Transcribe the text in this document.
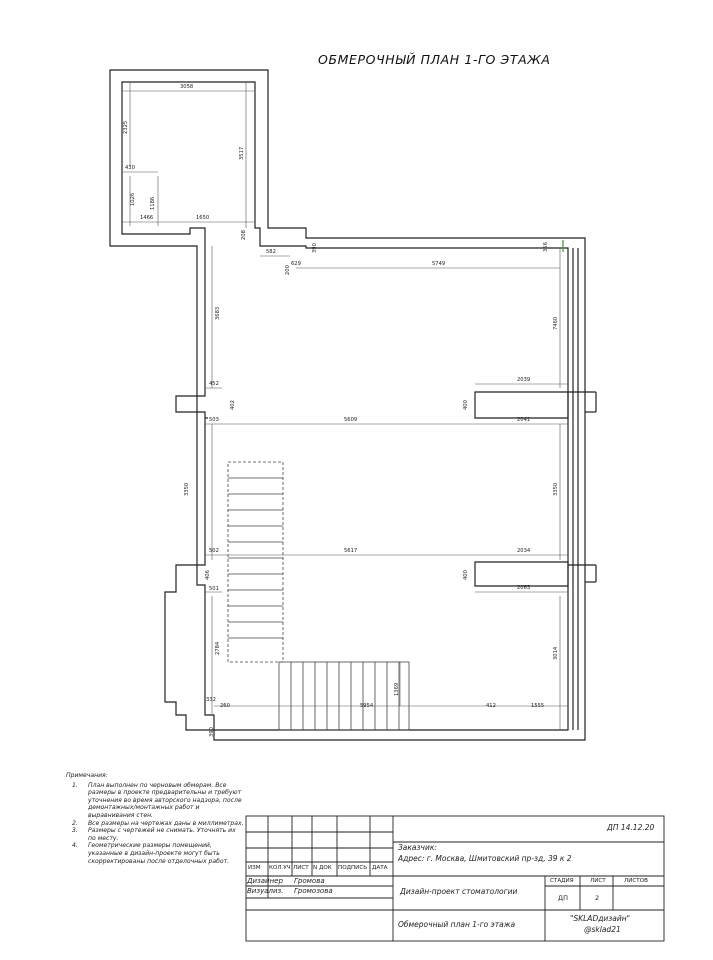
ОБМЕРОЧНЫЙ ПЛАН 1-ГО ЭТАЖА
3058
2325
3517
430
1026	1186
1466	1650
208
582
629
390	356
5749
200
7460
3683
2039
452
402	400
503	5609	2041
3350	3350
502	5617	2034
406	400
501	2063
2784	3014
1369
332
260	5954	412	1555
390
Примечания:
1.	План выполнен по черновым обмерам. Все размеры в проекте предварительны и требуют уточнения во время авторского надзора, после демонтажных/монтажных работ и выравнивания стен.
2.	Все размеры на чертежах даны в миллиметрах.
3.	Размеры с чертежей не снимать. Уточнять их по месту.
4.	Геометрические размеры помещений, указанные в дизайн-проекте могут быть скорректированы после отделочных работ.
ИЗМ КОЛ.УЧ ЛИСТ N ДОК ПОДПИСЬ ДАТА
Дизайнер Громова
Визуализ. Громозова
ДП 14.12.20
Заказчик:
Адрес: г. Москва, Шмитовский пр-зд, 39 к 2
Дизайн-проект стоматологии
Обмерочный план 1-го этажа
СТАДИЯ	ЛИСТ	ЛИСТОВ
ДП	2
"SKLADдизайн"
@sklad21
